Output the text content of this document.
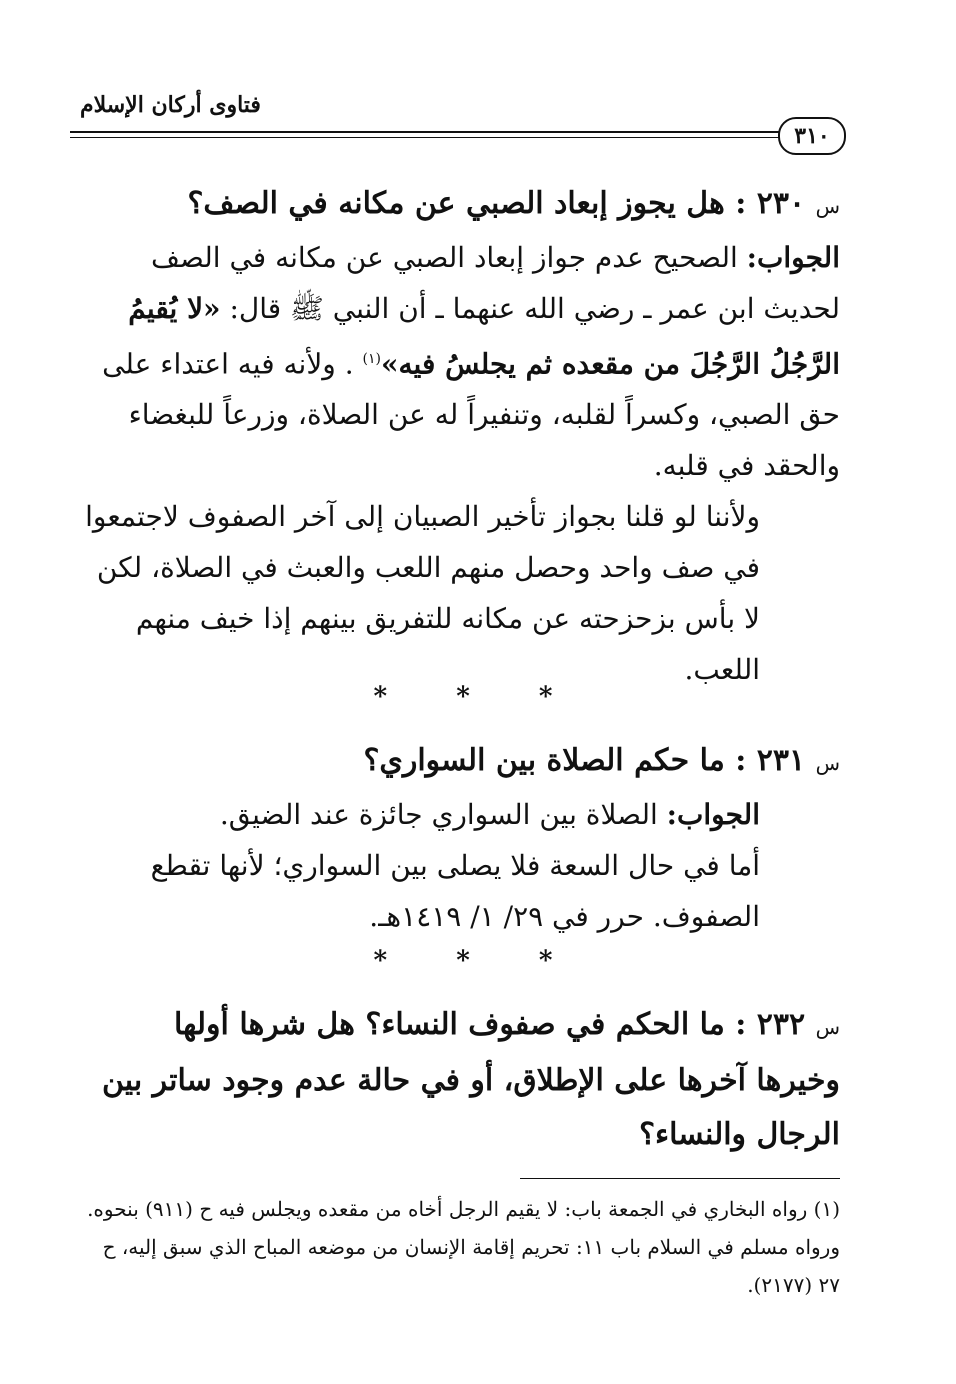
فتاوى أركان الإسلام
٣١٠
س ٢٣٠ : هل يجوز إبعاد الصبي عن مكانه في الصف؟
الجواب: الصحيح عدم جواز إبعاد الصبي عن مكانه في الصف لحديث ابن عمر ـ رضي الله عنهما ـ أن النبي ﷺ قال: «لا يُقيمُ الرَّجُلُ الرَّجُلَ من مقعده ثم يجلسُ فيه»$^{(١)}$ . ولأنه فيه اعتداء على حق الصبي، وكسراً لقلبه، وتنفيراً له عن الصلاة، وزرعاً للبغضاء والحقد في قلبه.
ولأننا لو قلنا بجواز تأخير الصبيان إلى آخر الصفوف لاجتمعوا في صف واحد وحصل منهم اللعب والعبث في الصلاة، لكن لا بأس بزحزحته عن مكانه للتفريق بينهم إذا خيف منهم اللعب.
* * *
س ٢٣١ : ما حكم الصلاة بين السواري؟
الجواب: الصلاة بين السواري جائزة عند الضيق.
أما في حال السعة فلا يصلى بين السواري؛ لأنها تقطع الصفوف. حرر في ٢٩/ ١/ ١٤١٩هـ.
* * *
س ٢٣٢ : ما الحكم في صفوف النساء؟ هل شرها أولها وخيرها آخرها على الإطلاق، أو في حالة عدم وجود ساتر بين الرجال والنساء؟
(١) رواه البخاري في الجمعة باب: لا يقيم الرجل أخاه من مقعده ويجلس فيه ح (٩١١) بنحوه. ورواه مسلم في السلام باب ١١: تحريم إقامة الإنسان من موضعه المباح الذي سبق إليه، ح ٢٧ (٢١٧٧).
